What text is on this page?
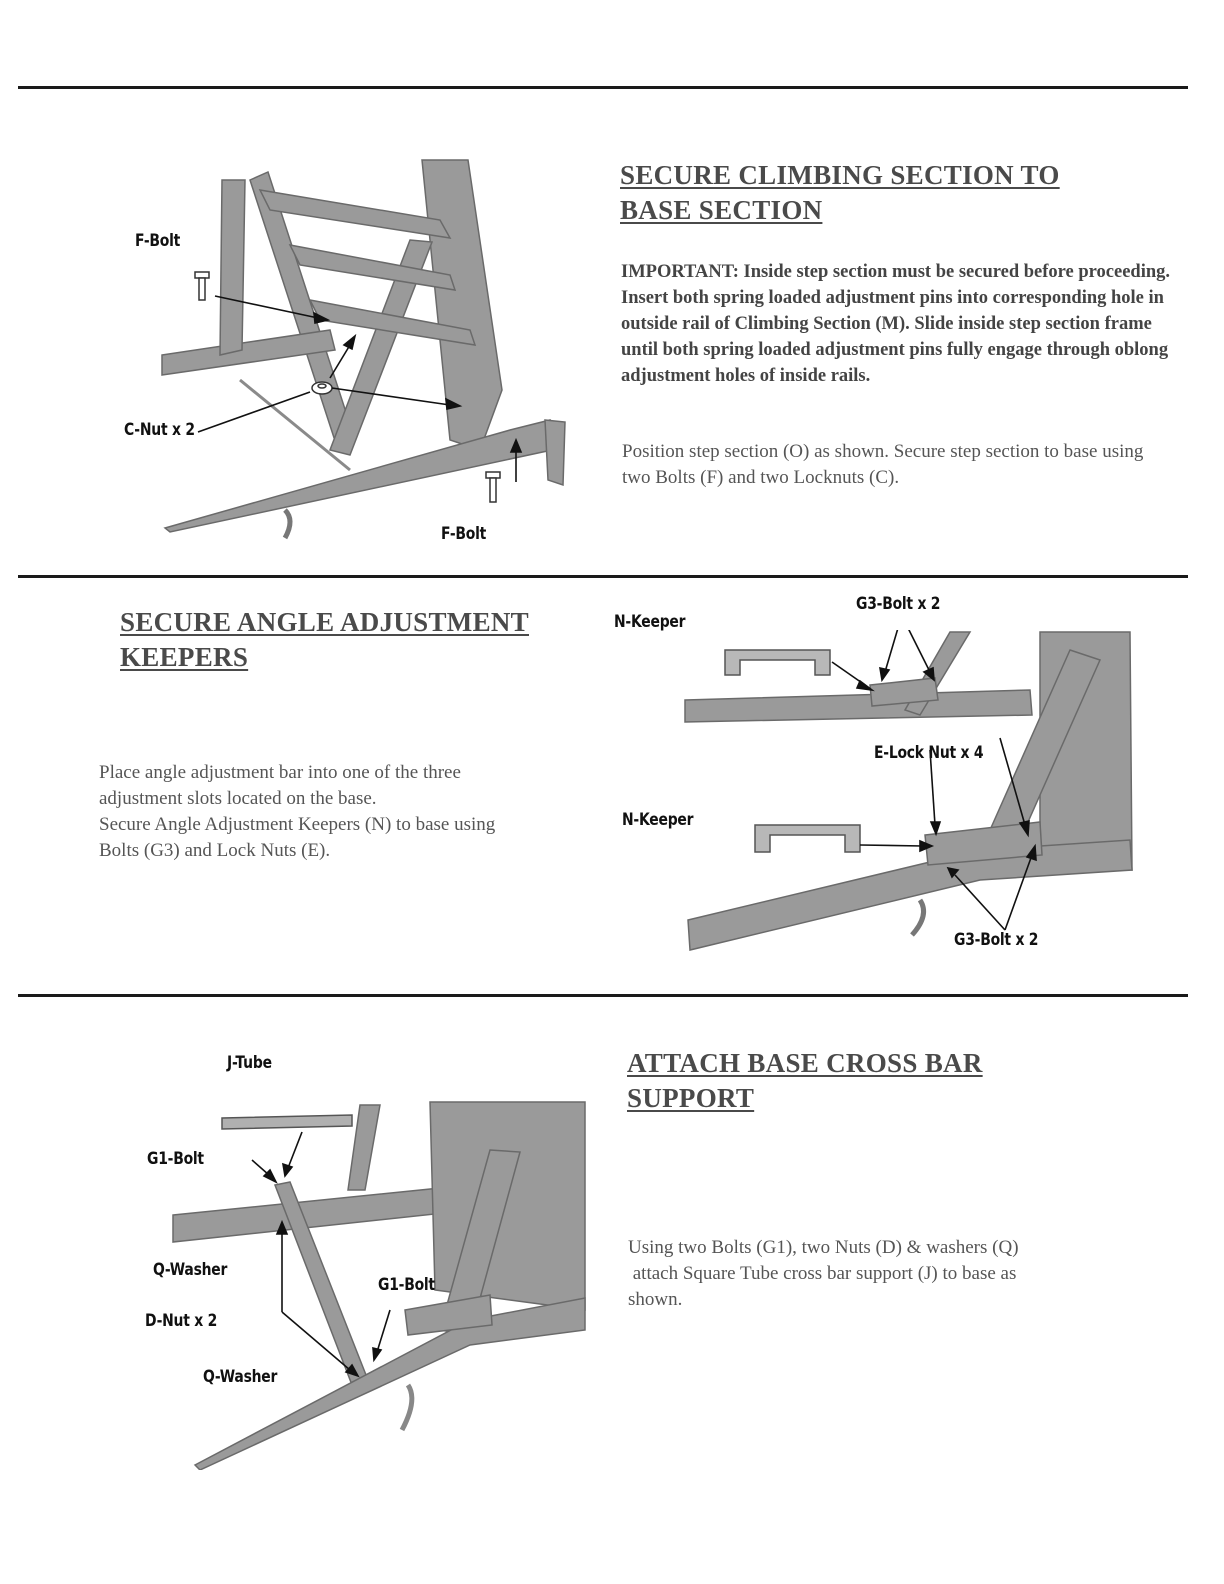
F-Bolt
C-Nut x 2
F-Bolt
SECURE CLIMBING SECTION TO
BASE SECTION

IMPORTANT: Inside step section must be secured before proceeding. Insert both spring loaded adjustment pins into corresponding hole in outside rail of Climbing Section (M). Slide inside step section frame until both spring loaded adjustment pins fully engage through oblong adjustment holes of inside rails.

Position step section (O) as shown. Secure step section to base using two Bolts (F) and two Locknuts (C).

SECURE ANGLE ADJUSTMENT
KEEPERS
Place angle adjustment bar into one of the three
adjustment slots located on the base.
Secure Angle Adjustment Keepers (N) to base using
Bolts (G3) and Lock Nuts (E).
N-Keeper
G3-Bolt x 2
E-Lock Nut x 4
N-Keeper
G3-Bolt x 2
J-Tube
G1-Bolt
Q-Washer
G1-Bolt
D-Nut x 2
Q-Washer
ATTACH BASE CROSS BAR
SUPPORT
Using two Bolts (G1), two Nuts (D) & washers (Q)
attach Square Tube cross bar support (J) to base as
shown.
